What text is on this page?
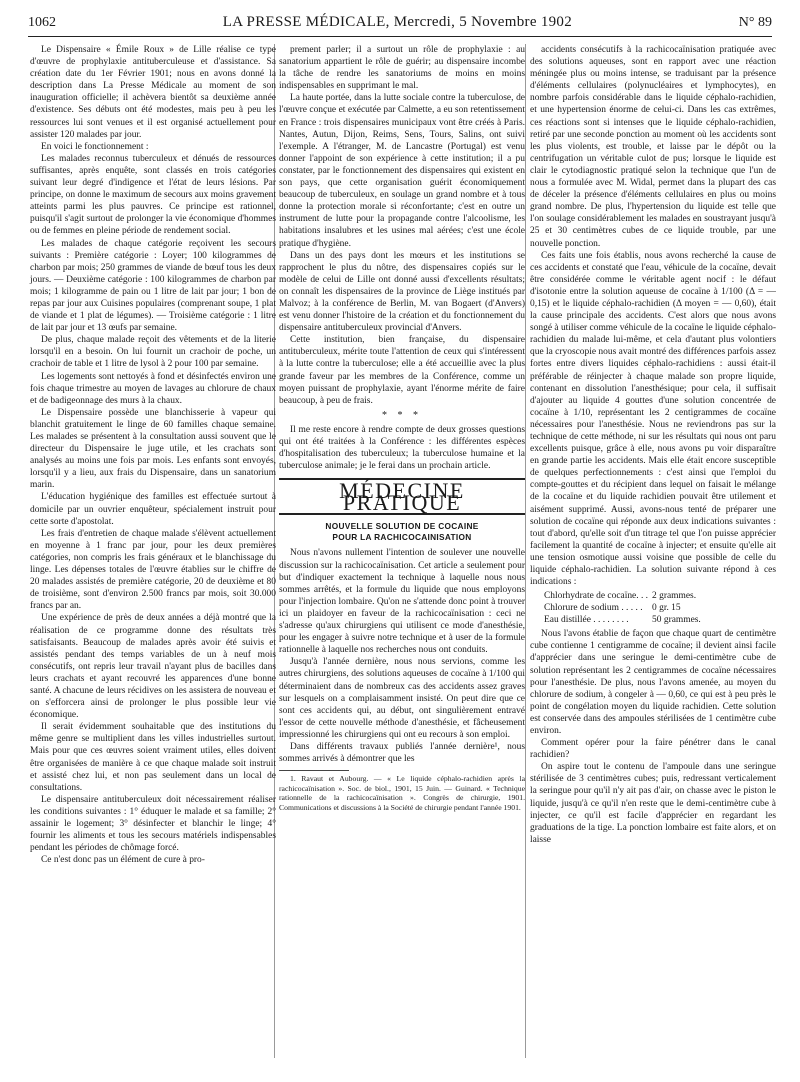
1062	LA PRESSE MÉDICALE, Mercredi, 5 Novembre 1902	N° 89

Le Dispensaire « Émile Roux » de Lille réalise ce type d'œuvre de prophylaxie antituberculeuse et d'assistance. Sa création date du 1er Février 1901; nous en avons donné la description dans La Presse Médicale au moment de son inauguration officielle; il achèvera bientôt sa deuxième année d'existence. Ses débuts ont été modestes, mais peu à peu les ressources lui sont venues et il est organisé actuellement pour assister 120 malades par jour.

En voici le fonctionnement :

Les malades reconnus tuberculeux et dénués de ressources suffisantes, après enquête, sont classés en trois catégories suivant leur degré d'indigence et l'état de leurs lésions. Par principe, on donne le maximum de secours aux moins gravement atteints parmi les plus pauvres. Ce principe est rationnel, puisqu'il s'agit surtout de prolonger la vie économique d'hommes ou de femmes en pleine période de rendement social.

Les malades de chaque catégorie reçoivent les secours suivants : Première catégorie : Loyer; 100 kilogrammes de charbon par mois; 250 grammes de viande de bœuf tous les deux jours. — Deuxième catégorie : 100 kilogrammes de charbon par mois; 1 kilogramme de pain ou 1 litre de lait par jour; 1 bon de repas par jour aux Cuisines populaires (comprenant soupe, 1 plat de viande et 1 plat de légumes). — Troisième catégorie : 1 litre de lait par jour et 13 œufs par semaine.

De plus, chaque malade reçoit des vêtements et de la literie lorsqu'il en a besoin. On lui fournit un crachoir de poche, un crachoir de table et 1 litre de lysol à 2 pour 100 par semaine.

Les logements sont nettoyés à fond et désinfectés environ une fois chaque trimestre au moyen de lavages au chlorure de chaux et de badigeonnage des murs à la chaux.

Le Dispensaire possède une blanchisserie à vapeur qui blanchit gratuitement le linge de 60 familles chaque semaine. Les malades se présentent à la consultation aussi souvent que le directeur du Dispensaire le juge utile, et les crachats sont analysés au moins une fois par mois. Les enfants sont envoyés, lorsqu'il y a lieu, aux frais du Dispensaire, dans un sanatorium marin.

L'éducation hygiénique des familles est effectuée surtout à domicile par un ouvrier enquêteur, spécialement instruit pour cette sorte d'apostolat.

Les frais d'entretien de chaque malade s'élèvent actuellement en moyenne à 1 franc par jour, pour les deux premières catégories, non compris les frais généraux et le blanchissage du linge. Les dépenses totales de l'œuvre établies sur le chiffre de 20 malades assistés de première catégorie, 20 de deuxième et 80 de troisième, sont d'environ 2.500 francs par mois, soit 30.000 francs par an.

Une expérience de près de deux années a déjà montré que la réalisation de ce programme donne des résultats très satisfaisants. Beaucoup de malades après avoir été suivis et assistés pendant des temps variables de un à neuf mois consécutifs, ont repris leur travail n'ayant plus de bacilles dans leurs crachats et ayant recouvré les apparences d'une bonne santé. A chacune de leurs récidives on les assistera de nouveau et on s'efforcera ainsi de prolonger le plus possible leur vie économique.

Il serait évidemment souhaitable que des institutions du même genre se multiplient dans les villes industrielles surtout. Mais pour que ces œuvres soient vraiment utiles, elles doivent être organisées de manière à ce que chaque malade soit instruit et assisté chez lui, et non pas seulement dans un local de consultations.

Le dispensaire antituberculeux doit nécessairement réaliser les conditions suivantes : 1° éduquer le malade et sa famille; 2° assainir le logement; 3° désinfecter et blanchir le linge; 4° fournir les aliments et tous les secours matériels indispensables pendant les périodes de chômage forcé.

Ce n'est donc pas un élément de cure à pro-

prement parler; il a surtout un rôle de prophylaxie : au sanatorium appartient le rôle de guérir; au dispensaire incombe la tâche de rendre les sanatoriums de moins en moins indispensables en supprimant le mal.

La haute portée, dans la lutte sociale contre la tuberculose, de l'œuvre conçue et exécutée par Calmette, a eu son retentissement en France : trois dispensaires municipaux vont être créés à Paris. Nantes, Autun, Dijon, Reims, Sens, Tours, Salins, ont suivi l'exemple. A l'étranger, M. de Lancastre (Portugal) est venu donner l'appoint de son expérience à cette institution; il a pu constater, par le fonctionnement des dispensaires qui existent en son pays, que cette organisation guérit économiquement beaucoup de tuberculeux, en soulage un grand nombre et à tous donne la protection morale si réconfortante; c'est en outre un instrument de lutte pour la propagande contre l'alcoolisme, les habitations insalubres et les usines mal aérées; c'est une école pratique d'hygiène.

Dans un des pays dont les mœurs et les institutions se rapprochent le plus du nôtre, des dispensaires copiés sur le modèle de celui de Lille ont donné aussi d'excellents résultats; on connaît les dispensaires de la province de Liège institués par Malvoz; à la conférence de Berlin, M. van Bogaert (d'Anvers) est venu donner l'histoire de la création et du fonctionnement du dispensaire antituberculeux provincial d'Anvers.

Cette institution, bien française, du dispensaire antituberculeux, mérite toute l'attention de ceux qui s'intéressent à la lutte contre la tuberculose; elle a été accueillie avec la plus grande faveur par les membres de la Conférence, comme un moyen puissant de prophylaxie, ayant l'énorme mérite de faire beaucoup, à peu de frais.

* * *

Il me reste encore à rendre compte de deux grosses questions qui ont été traitées à la Conférence : les différentes espèces d'hospitalisation des tuberculeux; la tuberculose humaine et la tuberculose animale; je le ferai dans un prochain article.

MÉDECINE PRATIQUE
NOUVELLE SOLUTION DE COCAINE
POUR LA RACHICOCAINISATION

Nous n'avons nullement l'intention de soulever une nouvelle discussion sur la rachicocaïnisation. Cet article a seulement pour but d'indiquer exactement la technique à laquelle nous nous sommes arrêtés, et la formule du liquide que nous employons pour l'injection lombaire. Qu'on ne s'attende donc point à trouver ici un plaidoyer en faveur de la rachicocaïnisation : ceci ne s'adresse qu'aux chirurgiens qui utilisent ce mode d'anesthésie, pour les engager à suivre notre technique et à user de la formule rationnelle à laquelle nos recherches nous ont conduits.

Jusqu'à l'année dernière, nous nous servions, comme les autres chirurgiens, des solutions aqueuses de cocaïne à 1/100 qui déterminaient dans de nombreux cas des accidents assez graves sur lesquels on a complaisamment insisté. On peut dire que ce sont ces accidents qui, au début, ont singulièrement entravé l'essor de cette nouvelle méthode d'anesthésie, et fâcheusement impressionné les chirurgiens qui ont eu recours à son emploi.

Dans différents travaux publiés l'année dernière¹, nous sommes arrivés à démontrer que les

1. Ravaut et Aubourg. — « Le liquide céphalo-rachidien après la rachicocaïnisation ». Soc. de biol., 1901, 15 Juin. — Guinard. « Technique rationnelle de la rachicocaïnisation ». Congrès de chirurgie, 1901. Communications et discussions à la Société de chirurgie pendant l'année 1901.

accidents consécutifs à la rachicocaïnisation pratiquée avec des solutions aqueuses, sont en rapport avec une réaction méningée plus ou moins intense, se traduisant par la présence d'éléments cellulaires (polynucléaires et lymphocytes), en nombre parfois considérable dans le liquide céphalo-rachidien, et une hypertension énorme de celui-ci. Dans les cas extrêmes, ces réactions sont si intenses que le liquide céphalo-rachidien, retiré par une seconde ponction au moment où les accidents sont les plus violents, est trouble, et laisse par le dépôt ou la centrifugation un véritable culot de pus; lorsque le liquide est clair le cytodiagnostic pratiqué selon la technique que l'un de nous a formulée avec M. Widal, permet dans la plupart des cas de déceler la présence d'éléments cellulaires en plus ou moins grand nombre. De plus, l'hypertension du liquide est telle que l'on soulage considérablement les malades en soustrayant jusqu'à 25 et 30 centimètres cubes de ce liquide trouble, par une nouvelle ponction.

Ces faits une fois établis, nous avons recherché la cause de ces accidents et constaté que l'eau, véhicule de la cocaïne, devait être considérée comme le véritable agent nocif : le défaut d'isotonie entre la solution aqueuse de cocaïne à 1/100 (Δ = — 0,15) et le liquide céphalo-rachidien (Δ moyen = — 0,60), était la cause principale des accidents. C'est alors que nous avons songé à utiliser comme véhicule de la cocaïne le liquide céphalo-rachidien du malade lui-même, et cela d'autant plus volontiers que la cryoscopie nous avait montré des différences parfois assez fortes entre divers liquides céphalo-rachidiens : aussi était-il préférable de réinjecter à chaque malade son propre liquide, contenant en dissolution l'anesthésique; pour cela, il suffisait d'ajouter au liquide 4 gouttes d'une solution concentrée de cocaïne à 1/10, représentant les 2 centigrammes de cocaïne nécessaires pour l'anesthésie. Nous ne reviendrons pas sur la technique de cette méthode, ni sur les résultats qui nous ont paru excellents puisque, grâce à elle, nous avons pu voir disparaître en grande partie les accidents. Mais elle était encore susceptible de quelques perfectionnements : c'est ainsi que l'emploi du compte-gouttes et du récipient dans lequel on faisait le mélange de la cocaïne et du liquide rachidien pouvait être utilement et aisément supprimé. Aussi, avons-nous tenté de préparer une solution de cocaïne qui réponde aux deux indications suivantes : tout d'abord, qu'elle soit d'un titrage tel que l'on puisse apprécier facilement la quantité de cocaïne à injecter; et ensuite qu'elle ait une tension osmotique aussi voisine que possible de celle du liquide céphalo-rachidien. La solution suivante répond à ces indications :

Chlorhydrate de cocaïne. . .	2 grammes.
Chlorure de sodium . . . . .	0 gr. 15
Eau distillée . . . . . . . .	50 grammes.

Nous l'avons établie de façon que chaque quart de centimètre cube contienne 1 centigramme de cocaïne; il devient ainsi facile d'apprécier dans une seringue le demi-centimètre cube de solution représentant les 2 centigrammes de cocaïne nécessaires pour l'anesthésie. De plus, nous l'avons amenée, au moyen du chlorure de sodium, à congeler à — 0,60, ce qui est à peu près le point de congélation moyen du liquide rachidien. Cette solution est conservée dans des ampoules stérilisées de 1 centimètre cube environ.

Comment opérer pour la faire pénétrer dans le canal rachidien?

On aspire tout le contenu de l'ampoule dans une seringue stérilisée de 3 centimètres cubes; puis, redressant verticalement la seringue pour qu'il n'y ait pas d'air, on chasse avec le piston le liquide, jusqu'à ce qu'il n'en reste que le demi-centimètre cube à injecter, ce qu'il est facile d'apprécier en regardant les graduations de la tige. La ponction lombaire est faite alors, et on laisse
